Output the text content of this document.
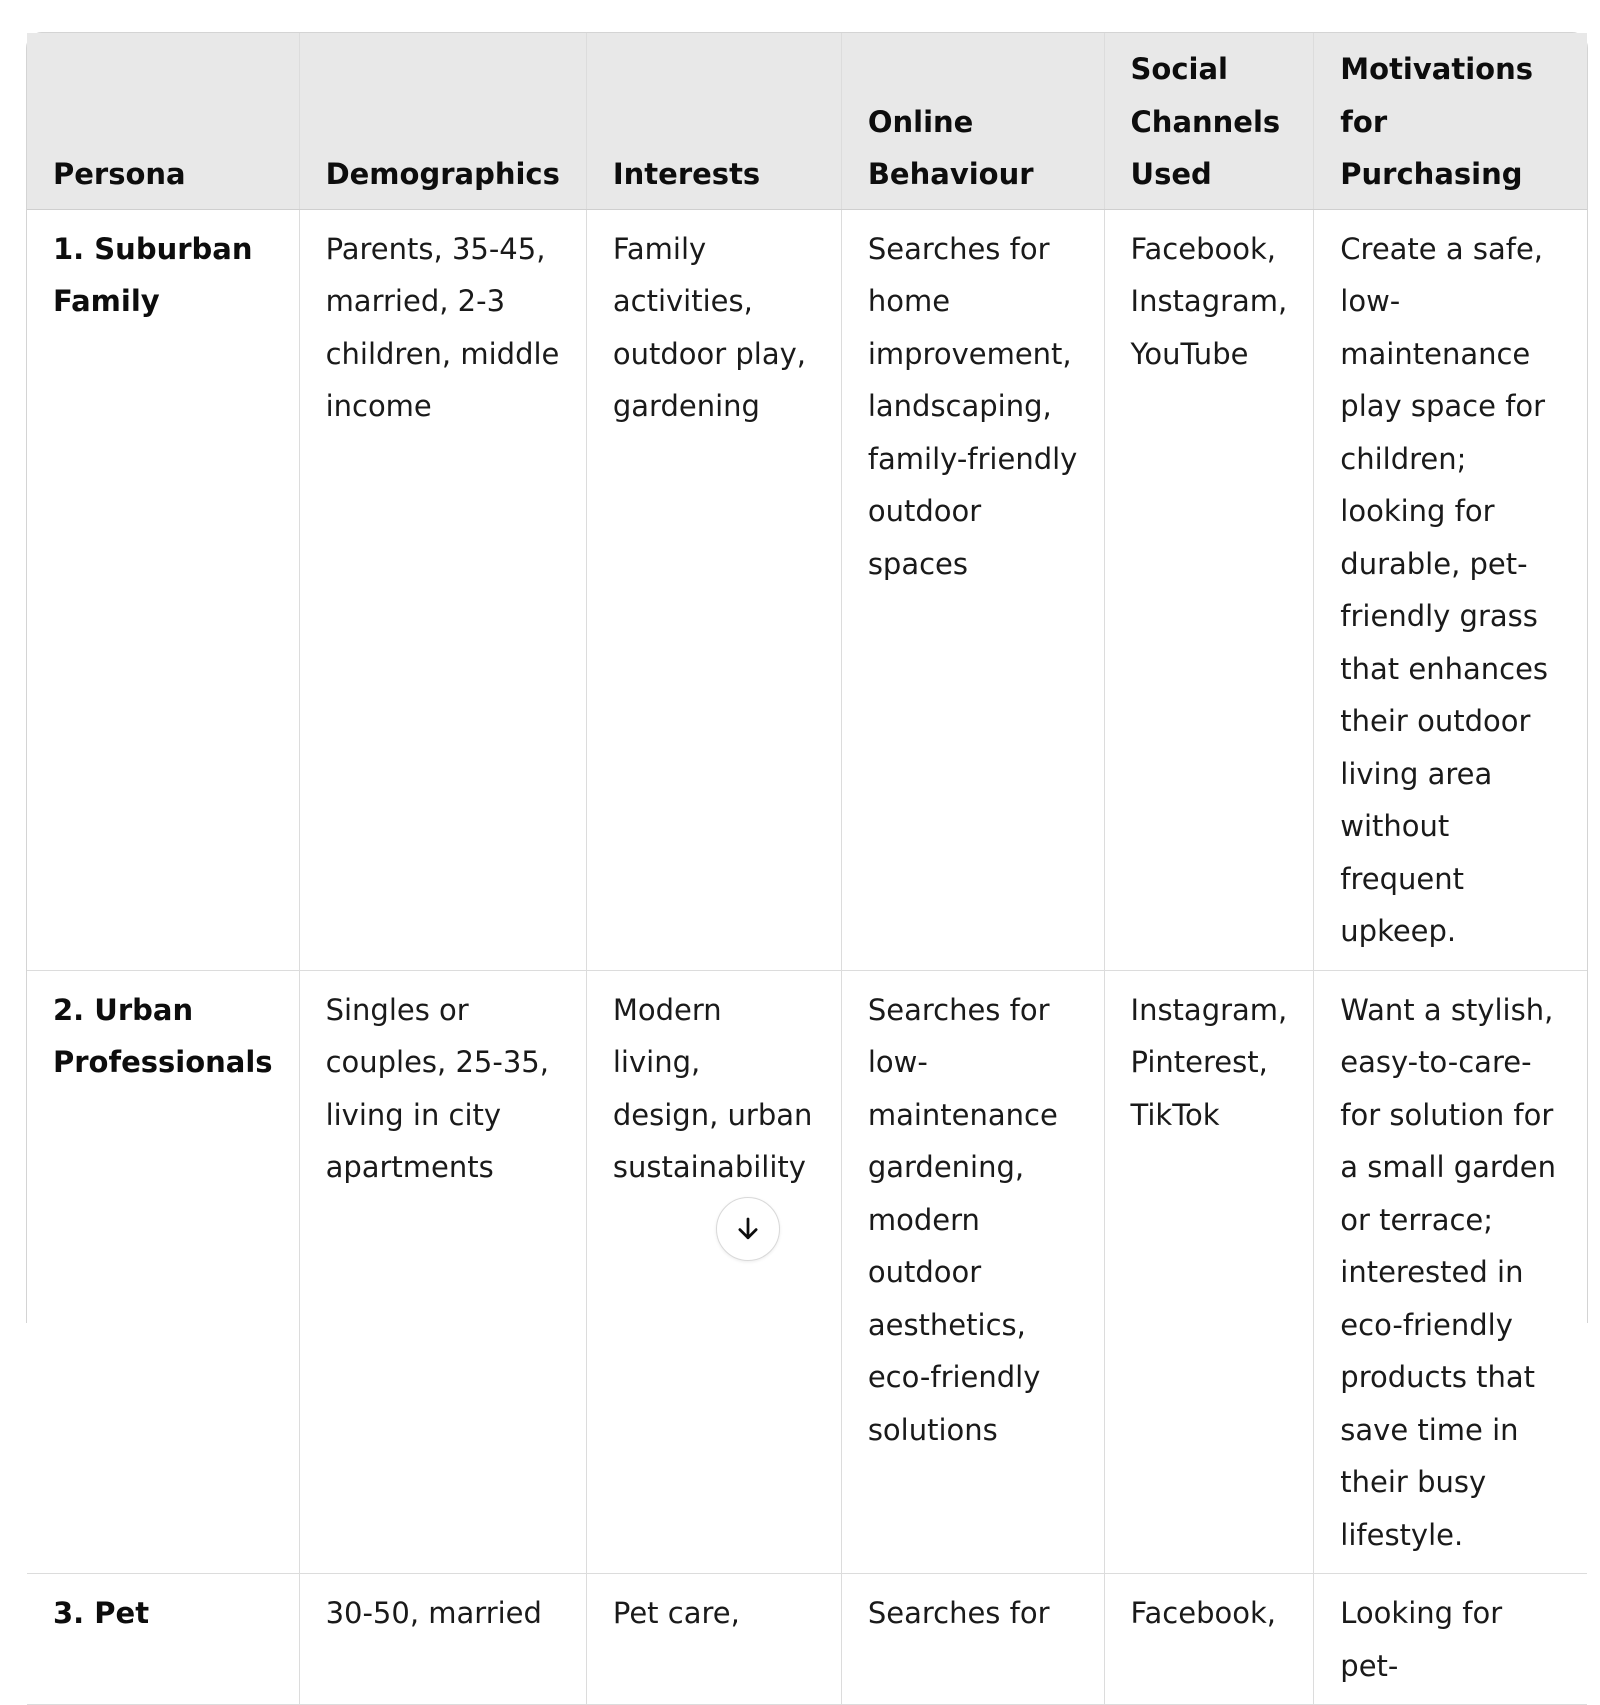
Persona	Demographics	Interests	Online Behaviour	Social Channels Used	Motivations for Purchasing
1. Suburban Family	Parents, 35-45, married, 2-3 children, middle income	Family activities, outdoor play, gardening	Searches for home improvement, landscaping, family-friendly outdoor spaces	Facebook, Instagram, YouTube	Create a safe, low-maintenance play space for children; looking for durable, pet-friendly grass that enhances their outdoor living area without frequent upkeep.
2. Urban Professionals	Singles or couples, 25-35, living in city apartments	Modern living, design, urban sustainability	Searches for low-maintenance gardening, modern outdoor aesthetics, eco-friendly solutions	Instagram, Pinterest, TikTok	Want a stylish, easy-to-care-for solution for a small garden or terrace; interested in eco-friendly products that save time in their busy lifestyle.
3. Pet	30-50, married	Pet care,	Searches for	Facebook,	Looking for pet-
